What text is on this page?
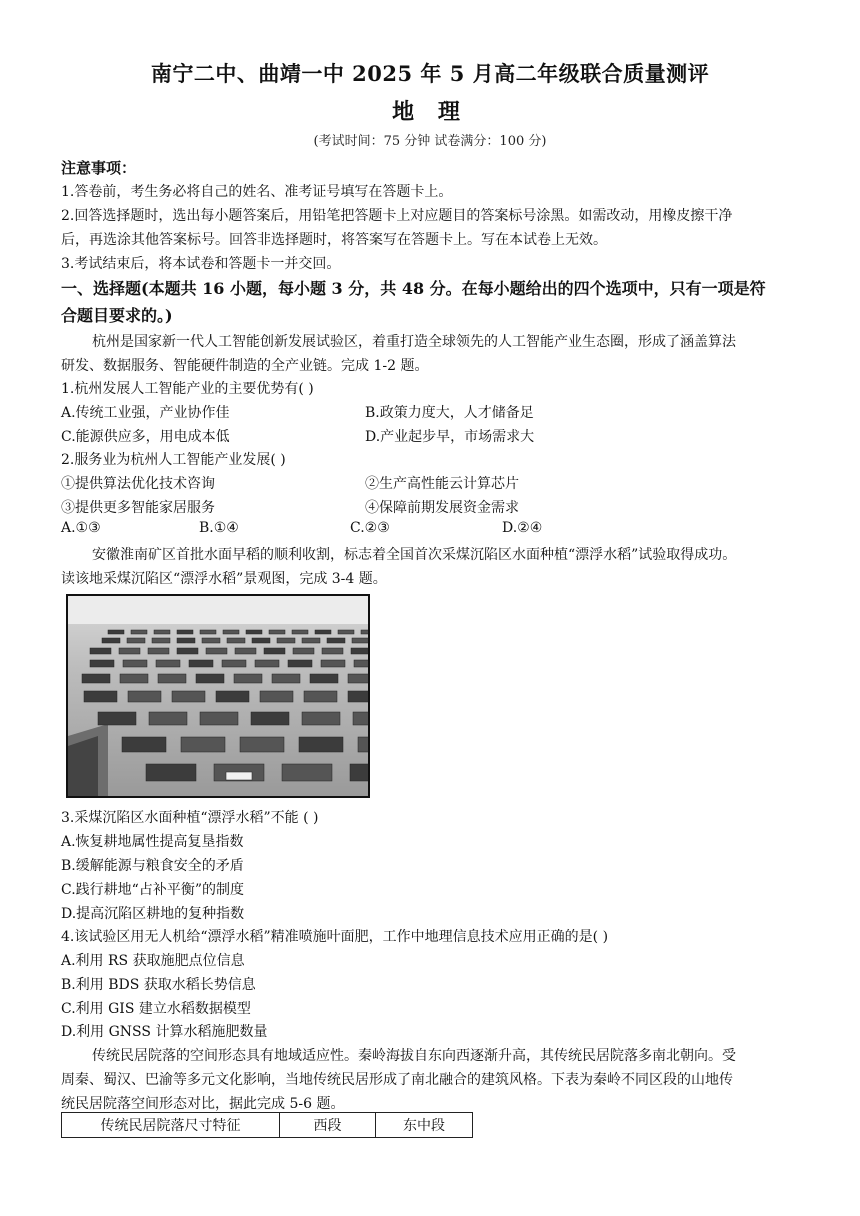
南宁二中、曲靖一中 2025 年 5 月高二年级联合质量测评
地 理
(考试时间：75 分钟 试卷满分：100 分)
注意事项：
1.答卷前，考生务必将自己的姓名、准考证号填写在答题卡上。
2.回答选择题时，选出每小题答案后，用铅笔把答题卡上对应题目的答案标号涂黑。如需改动，用橡皮擦干净
后，再选涂其他答案标号。回答非选择题时，将答案写在答题卡上。写在本试卷上无效。
3.考试结束后，将本试卷和答题卡一并交回。
一、选择题(本题共 16 小题，每小题 3 分，共 48 分。在每小题给出的四个选项中，只有一项是符
合题目要求的。)
杭州是国家新一代人工智能创新发展试验区，着重打造全球领先的人工智能产业生态圈，形成了涵盖算法
研发、数据服务、智能硬件制造的全产业链。完成 1-2 题。
1.杭州发展人工智能产业的主要优势有( )
A.传统工业强，产业协作佳	B.政策力度大，人才储备足
C.能源供应多，用电成本低	D.产业起步早，市场需求大
2.服务业为杭州人工智能产业发展( )
①提供算法优化技术咨询	②生产高性能云计算芯片
③提供更多智能家居服务	④保障前期发展资金需求
A.①③	B.①④	C.②③	D.②④
安徽淮南矿区首批水面早稻的顺利收割，标志着全国首次采煤沉陷区水面种植“漂浮水稻”试验取得成功。
读该地采煤沉陷区“漂浮水稻”景观图，完成 3-4 题。
3.采煤沉陷区水面种植“漂浮水稻”不能 ( )
A.恢复耕地属性提高复垦指数
B.缓解能源与粮食安全的矛盾
C.践行耕地“占补平衡”的制度
D.提高沉陷区耕地的复种指数
4.该试验区用无人机给“漂浮水稻”精准喷施叶面肥，工作中地理信息技术应用正确的是( )
A.利用 RS 获取施肥点位信息
B.利用 BDS 获取水稻长势信息
C.利用 GIS 建立水稻数据模型
D.利用 GNSS 计算水稻施肥数量
传统民居院落的空间形态具有地域适应性。秦岭海拔自东向西逐渐升高，其传统民居院落多南北朝向。受
周秦、蜀汉、巴渝等多元文化影响，当地传统民居形成了南北融合的建筑风格。下表为秦岭不同区段的山地传
统民居院落空间形态对比，据此完成 5-6 题。
传统民居院落尺寸特征	西段	东中段
